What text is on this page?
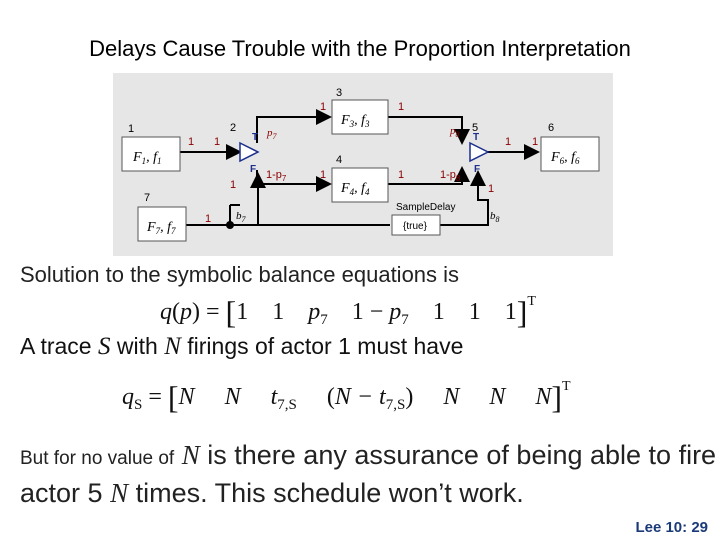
Delays Cause Trouble with the Proportion Interpretation
2	5
1
$F_1$, $f_1$
3
$F_3$, $f_3$
4
$F_4$, $f_4$
6
$F_6$, $f_6$
7
$F_7$, $f_7$
SampleDelay
{true}
1 1
1	1
1	1
1 1
1
1	1
$p_7$
$1-p_7$
$p_8$
$1-p_8$
T
F
T
F
$b_7$	$b_8$
Solution to the symbolic balance equations is
q(p) = [1 1 $p_7$ $1 - p_7$ 1 1 1]$^T$
A trace S with N firings of actor 1 must have
$q_S = [N$ N $t_{7,S}$ $(N - t_{7,S})$ N N N]$^T$
But for no value of N is there any assurance of being able to fire actor 5 N times. This schedule won’t work.
Lee 10: 29
